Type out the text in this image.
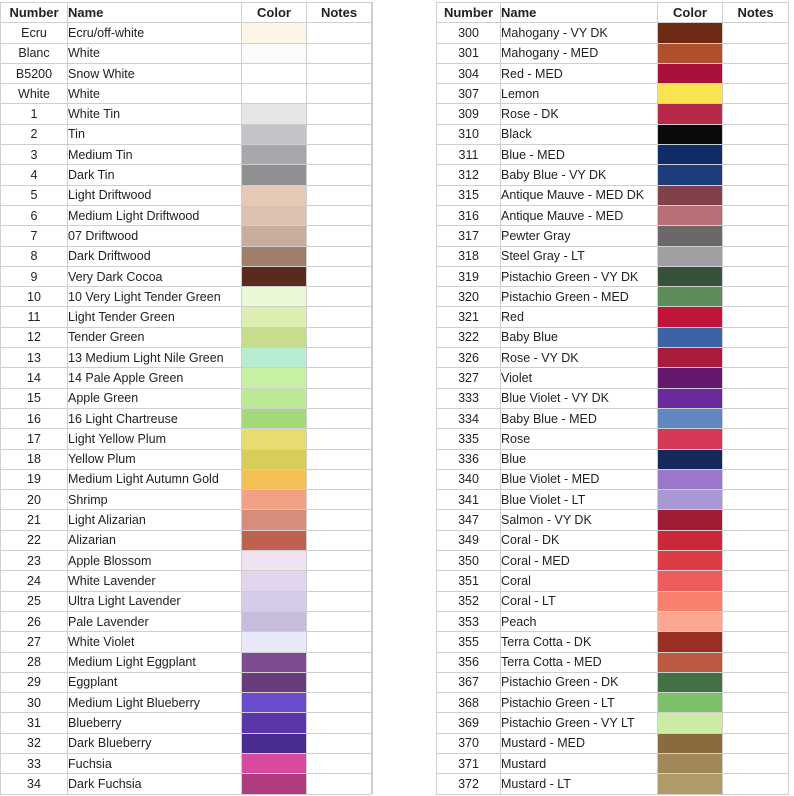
Number	Name	Color	Notes
Ecru	Ecru/off-white	

Blanc	White	

B5200	Snow White	

White	White	

1	White Tin	

2	Tin	

3	Medium Tin	

4	Dark Tin	

5	Light Driftwood	

6	Medium Light Driftwood	

7	07 Driftwood	

8	Dark Driftwood	

9	Very Dark Cocoa	

10	10 Very Light Tender Green	

11	Light Tender Green	

12	Tender Green	

13	13 Medium Light Nile Green	

14	14 Pale Apple Green	

15	Apple Green	

16	16 Light Chartreuse	

17	Light Yellow Plum	

18	Yellow Plum	

19	Medium Light Autumn Gold	

20	Shrimp	

21	Light Alizarian	

22	Alizarian	

23	Apple Blossom	

24	White Lavender	

25	Ultra Light Lavender	

26	Pale Lavender	

27	White Violet	

28	Medium Light Eggplant	

29	Eggplant	

30	Medium Light Blueberry	

31	Blueberry	

32	Dark Blueberry	

33	Fuchsia	

34	Dark Fuchsia	

Number	Name	Color	Notes
300	Mahogany - VY DK	

301	Mahogany - MED	

304	Red - MED	

307	Lemon	

309	Rose - DK	

310	Black	

311	Blue - MED	

312	Baby Blue - VY DK	

315	Antique Mauve - MED DK	

316	Antique Mauve - MED	

317	Pewter Gray	

318	Steel Gray - LT	

319	Pistachio Green - VY DK	

320	Pistachio Green - MED	

321	Red	

322	Baby Blue	

326	Rose - VY DK	

327	Violet	

333	Blue Violet - VY DK	

334	Baby Blue - MED	

335	Rose	

336	Blue	

340	Blue Violet - MED	

341	Blue Violet - LT	

347	Salmon - VY DK	

349	Coral - DK	

350	Coral - MED	

351	Coral	

352	Coral - LT	

353	Peach	

355	Terra Cotta - DK	

356	Terra Cotta - MED	

367	Pistachio Green - DK	

368	Pistachio Green - LT	

369	Pistachio Green - VY LT	

370	Mustard - MED	

371	Mustard	

372	Mustard - LT	
